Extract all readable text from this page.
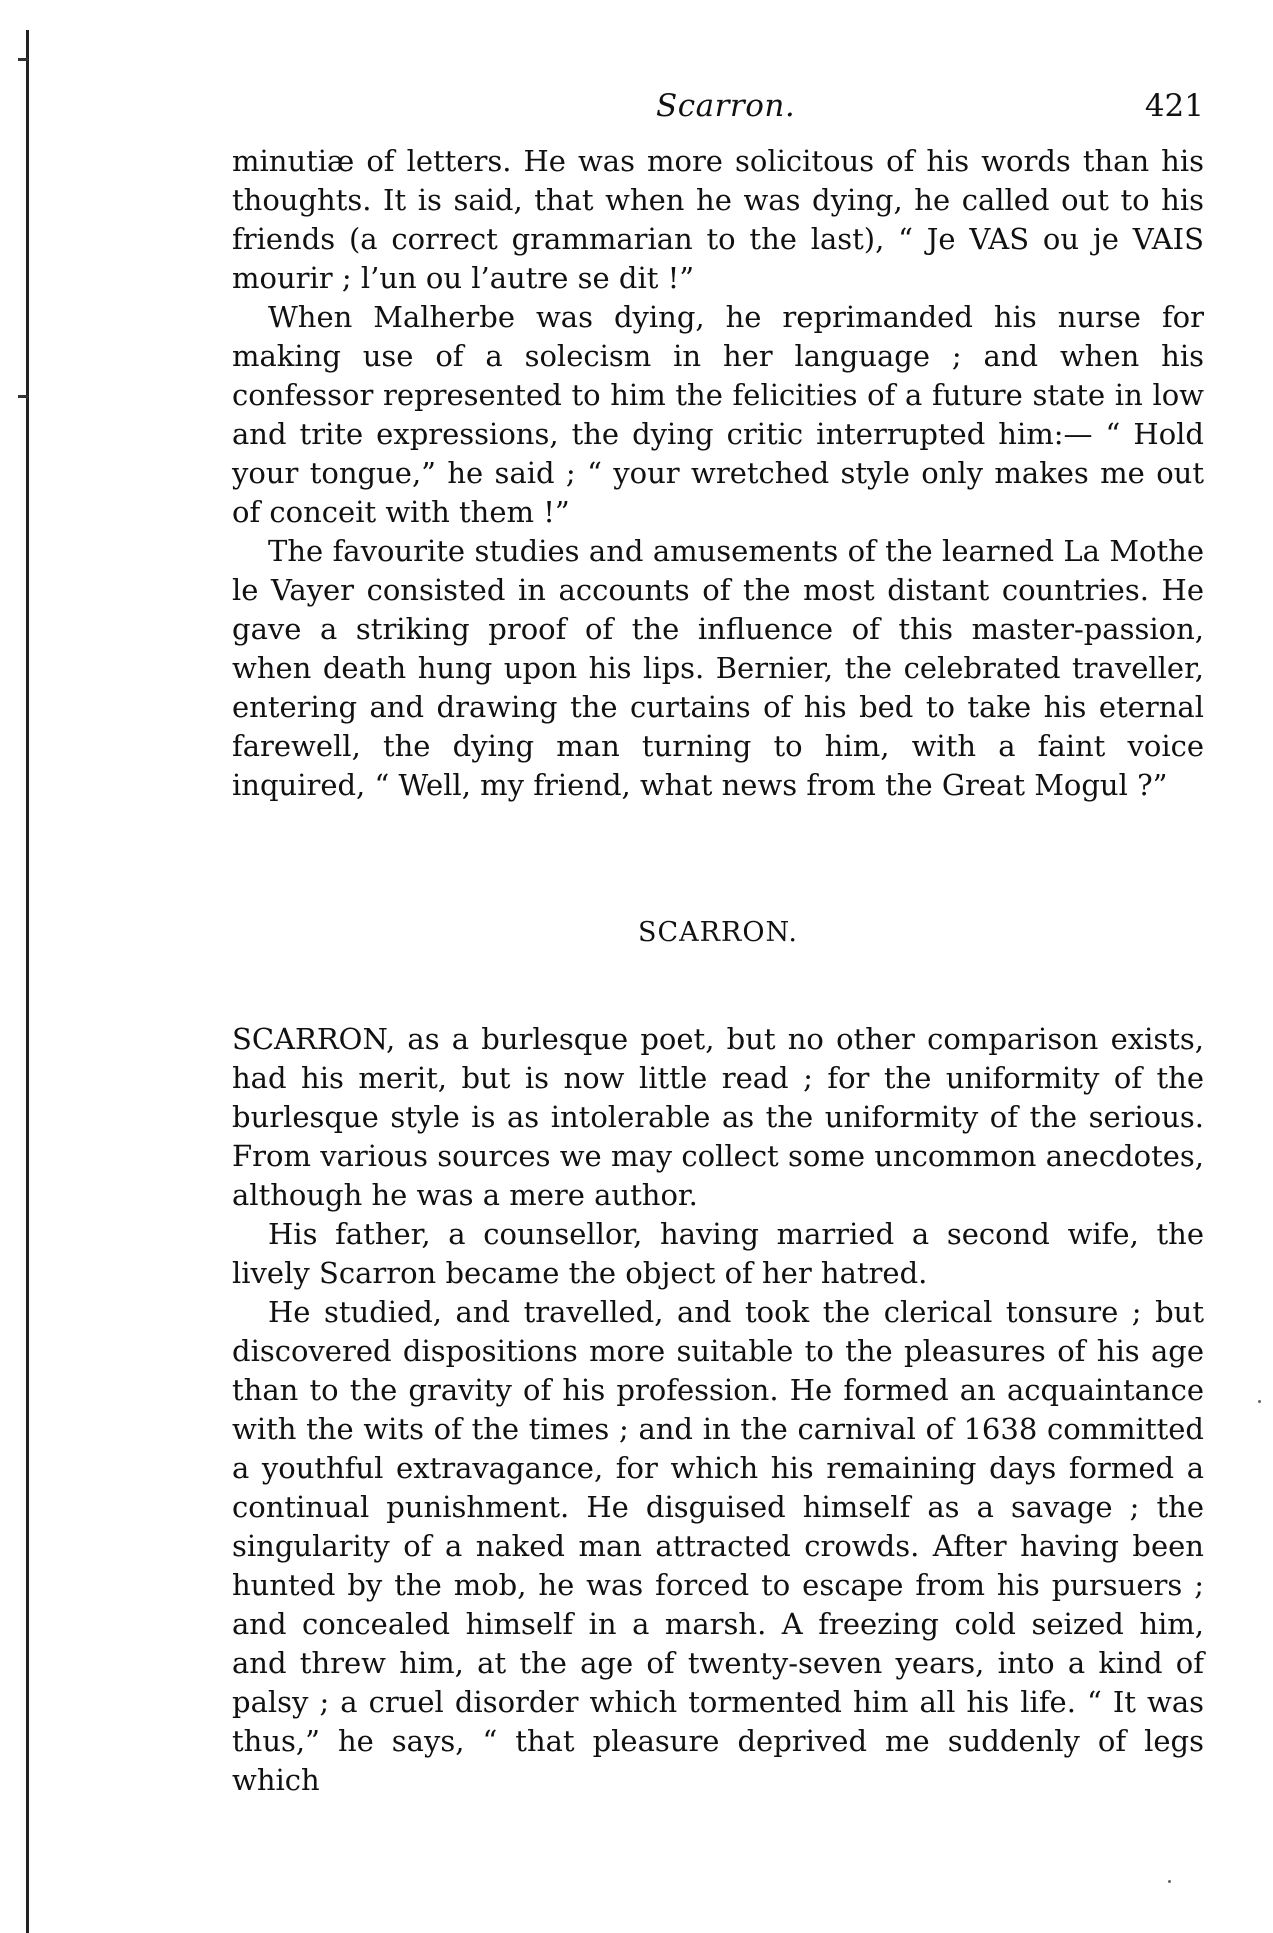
Scarron.	421

minutiæ of letters. He was more solicitous of his words than his thoughts. It is said, that when he was dying, he called out to his friends (a correct grammarian to the last), “ Je VAS ou je VAIS mourir ; l’un ou l’autre se dit !”

When Malherbe was dying, he reprimanded his nurse for making use of a solecism in her language ; and when his confessor represented to him the felicities of a future state in low and trite expressions, the dying critic interrupted him:— “ Hold your tongue,” he said ; “ your wretched style only makes me out of conceit with them !”

The favourite studies and amusements of the learned La Mothe le Vayer consisted in accounts of the most distant countries. He gave a striking proof of the influence of this master-passion, when death hung upon his lips. Bernier, the celebrated traveller, entering and drawing the curtains of his bed to take his eternal farewell, the dying man turning to him, with a faint voice inquired, “ Well, my friend, what news from the Great Mogul ?”

SCARRON.

SCARRON, as a burlesque poet, but no other comparison exists, had his merit, but is now little read ; for the uniformity of the burlesque style is as intolerable as the uniformity of the serious. From various sources we may collect some uncommon anecdotes, although he was a mere author.

His father, a counsellor, having married a second wife, the lively Scarron became the object of her hatred.

He studied, and travelled, and took the clerical tonsure ; but discovered dispositions more suitable to the pleasures of his age than to the gravity of his profession. He formed an acquaintance with the wits of the times ; and in the carnival of 1638 committed a youthful extravagance, for which his remaining days formed a continual punishment. He disguised himself as a savage ; the singularity of a naked man attracted crowds. After having been hunted by the mob, he was forced to escape from his pursuers ; and concealed himself in a marsh. A freezing cold seized him, and threw him, at the age of twenty-seven years, into a kind of palsy ; a cruel disorder which tormented him all his life. “ It was thus,” he says, “ that pleasure deprived me suddenly of legs which
